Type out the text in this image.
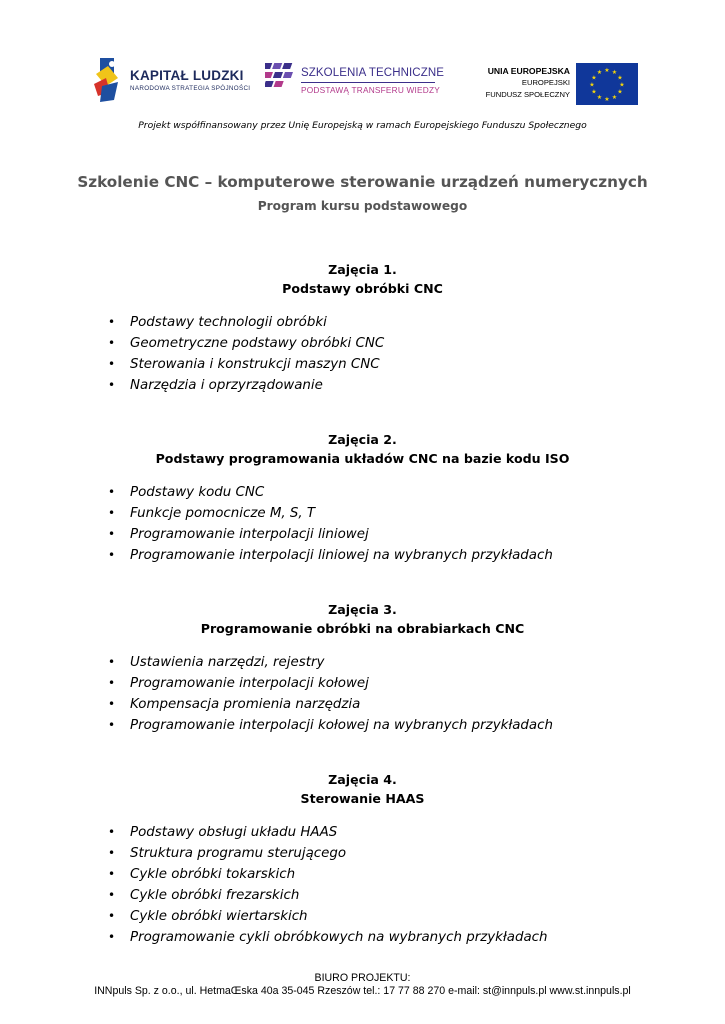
KAPITAŁ LUDZKI
NARODOWA STRATEGIA SPÓJNOŚCI
SZKOLENIA TECHNICZNE
PODSTAWĄ TRANSFERU WIEDZY
UNIA EUROPEJSKA
EUROPEJSKI
FUNDUSZ SPOŁECZNY
★ ★
★
★
★
★
★
★
★
★
★
★
Projekt współfinansowany przez Unię Europejską w ramach Europejskiego Funduszu Społecznego
Szkolenie CNC – komputerowe sterowanie urządzeń numerycznych
Program kursu podstawowego
Zajęcia 1.
Podstawy obróbki CNC
• Podstawy technologii obróbki
• Geometryczne podstawy obróbki CNC
• Sterowania i konstrukcji maszyn CNC
• Narzędzia i oprzyrządowanie
Zajęcia 2.
Podstawy programowania układów CNC na bazie kodu ISO
• Podstawy kodu CNC
• Funkcje pomocnicze M, S, T
• Programowanie interpolacji liniowej
• Programowanie interpolacji liniowej na wybranych przykładach
Zajęcia 3.
Programowanie obróbki na obrabiarkach CNC
• Ustawienia narzędzi, rejestry
• Programowanie interpolacji kołowej
• Kompensacja promienia narzędzia
• Programowanie interpolacji kołowej na wybranych przykładach
Zajęcia 4.
Sterowanie HAAS
• Podstawy obsługi układu HAAS
• Struktura programu sterującego
• Cykle obróbki tokarskich
• Cykle obróbki frezarskich
• Cykle obróbki wiertarskich
• Programowanie cykli obróbkowych na wybranych przykładach
BIURO PROJEKTU:
INNpuls Sp. z o.o., ul. HetmaŒska 40a 35-045 Rzeszów tel.: 17 77 88 270 e-mail: st@innpuls.pl www.st.innpuls.pl
